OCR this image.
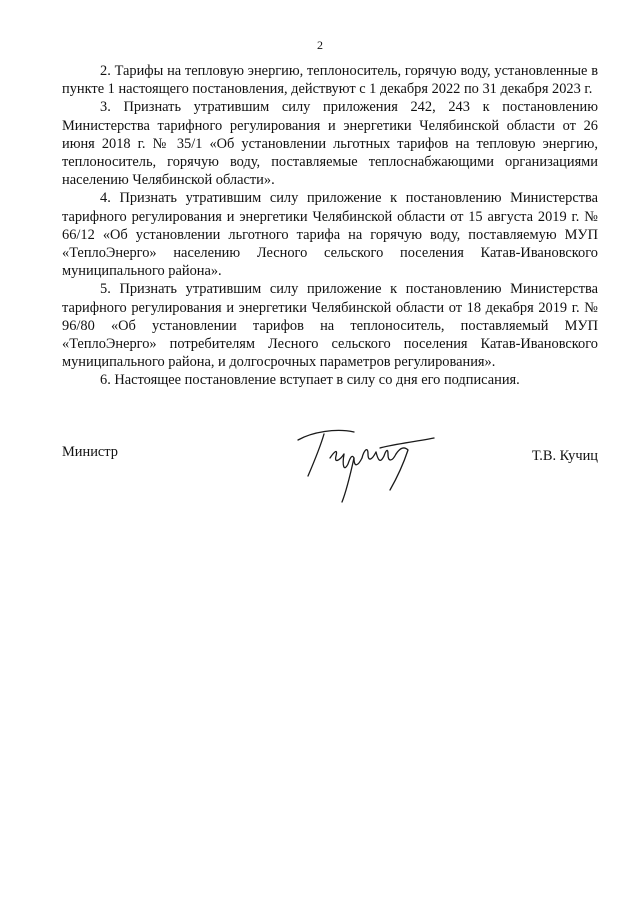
2

2. Тарифы на тепловую энергию, теплоноситель, горячую воду, установленные в пункте 1 настоящего постановления, действуют с 1 декабря 2022 по 31 декабря 2023 г.

3. Признать утратившим силу приложения 242, 243 к постановлению Министерства тарифного регулирования и энергетики Челябинской области от 26 июня 2018 г. № 35/1 «Об установлении льготных тарифов на тепловую энергию, теплоноситель, горячую воду, поставляемые теплоснабжающими организациями населению Челябинской области».

4. Признать утратившим силу приложение к постановлению Министерства тарифного регулирования и энергетики Челябинской области от 15 августа 2019 г. № 66/12 «Об установлении льготного тарифа на горячую воду, поставляемую МУП «ТеплоЭнерго» населению Лесного сельского поселения Катав-Ивановского муниципального района».

5. Признать утратившим силу приложение к постановлению Министерства тарифного регулирования и энергетики Челябинской области от 18 декабря 2019 г. № 96/80 «Об установлении тарифов на теплоноситель, поставляемый МУП «ТеплоЭнерго» потребителям Лесного сельского поселения Катав-Ивановского муниципального района, и долгосрочных параметров регулирования».

6. Настоящее постановление вступает в силу со дня его подписания.

Министр	Т.В. Кучиц
